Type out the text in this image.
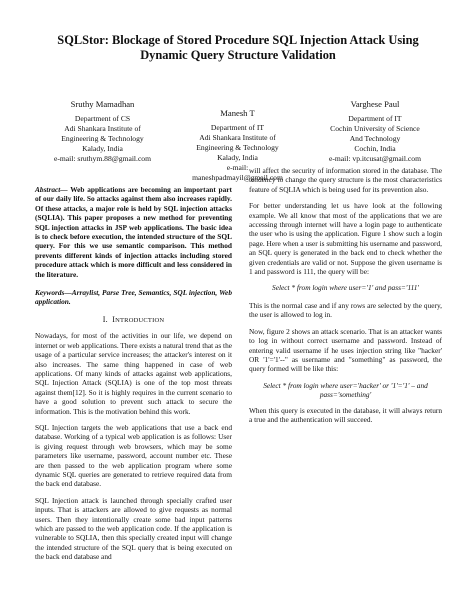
SQLStor: Blockage of Stored Procedure SQL Injection Attack Using Dynamic Query Structure Validation
Sruthy Mamadhan
Department of CS
Adi Shankara Institute of
Engineering & Technology
Kalady, India
e-mail: sruthym.88@gmail.com
Manesh T
Department of IT
Adi Shankara Institute of
Engineering & Technology
Kalady, India
e-mail:
maneshpadmayil@gmail.com
Varghese Paul
Department of IT
Cochin University of Science
And Technology
Cochin, India
e-mail: vp.itcusat@gmail.com

Abstract— Web applications are becoming an important part of our daily life. So attacks against them also increases rapidly. Of these attacks, a major role is held by SQL injection attacks (SQLIA). This paper proposes a new method for preventing SQL injection attacks in JSP web applications. The basic idea is to check before execution, the intended structure of the SQL query. For this we use semantic comparison. This method prevents different kinds of injection attacks including stored procedure attack which is more difficult and less considered in the literature.

Keywords—Arraylist, Parse Tree, Semantics, SQL injection, Web application.

I. INTRODUCTION

Nowadays, for most of the activities in our life, we depend on internet or web applications. There exists a natural trend that as the usage of a particular service increases; the attacker's interest on it also increases. The same thing happened in case of web applications. Of many kinds of attacks against web applications, SQL Injection Attack (SQLIA) is one of the top most threats against them[12]. So it is highly requires in the current scenario to have a good solution to prevent such attack to secure the information. This is the motivation behind this work.

SQL Injection targets the web applications that use a back end database. Working of a typical web application is as follows: User is giving request through web browsers, which may be some parameters like username, password, account number etc. These are then passed to the web application program where some dynamic SQL queries are generated to retrieve required data from the back end database.

SQL Injection attack is launched through specially crafted user inputs. That is attackers are allowed to give requests as normal users. Then they intentionally create some bad input patterns which are passed to the web application code. If the application is vulnerable to SQLIA, then this specially created input will change the intended structure of the SQL query that is being executed on the back end database and

will affect the security of information stored in the database. The tendency to change the query structure is the most characteristics feature of SQLIA which is being used for its prevention also.

For better understanding let us have look at the following example. We all know that most of the applications that we are accessing through internet will have a login page to authenticate the user who is using the application. Figure 1 show such a login page. Here when a user is submitting his username and password, an SQL query is generated in the back end to check whether the given credentials are valid or not. Suppose the given username is 1 and password is 111, the query will be:

Select * from login where user='1' and pass='111'

This is the normal case and if any rows are selected by the query, the user is allowed to log in.

Now, figure 2 shows an attack scenario. That is an attacker wants to log in without correct username and password. Instead of entering valid username if he uses injection string like "hacker' OR '1'='1'--" as username and "something" as password, the query formed will be like this:

Select * from login where user='hacker' or '1'='1' – and
pass='something'

When this query is executed in the database, it will always return a true and the authentication will succeed.
